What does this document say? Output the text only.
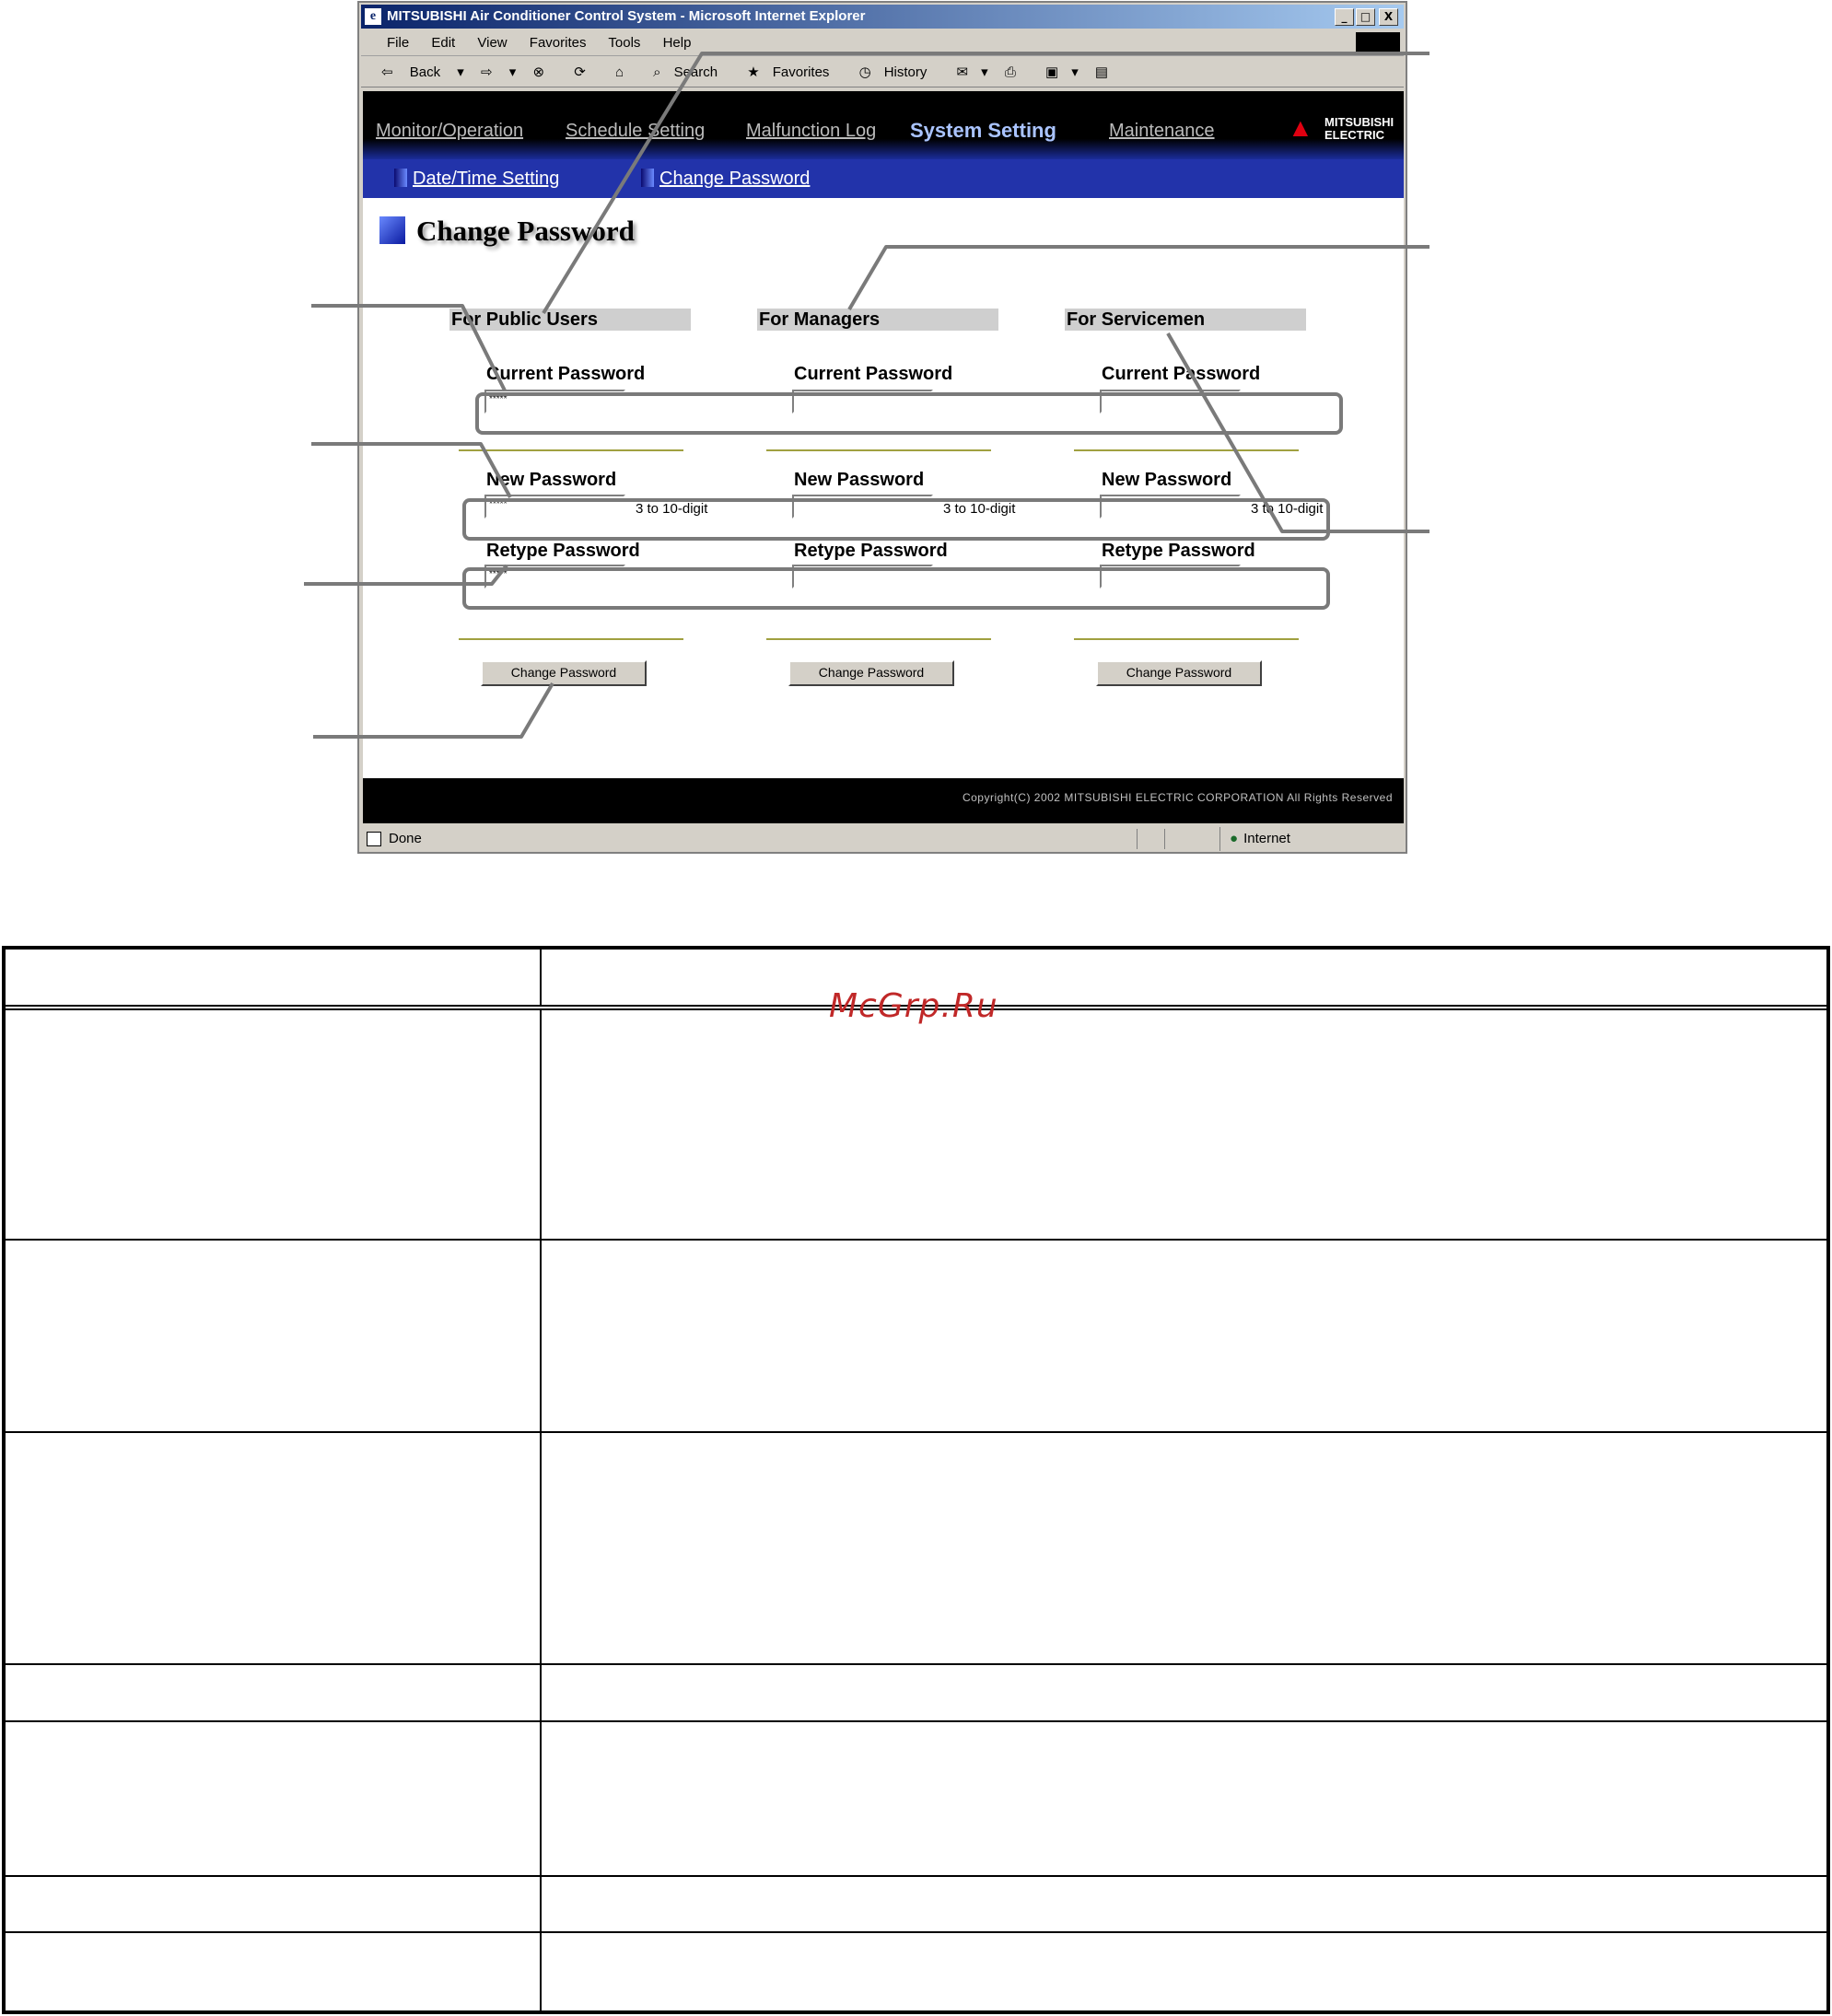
e MITSUBISHI Air Conditioner Control System - Microsoft Internet Explorer	_	□	X
File Edit View Favorites Tools Help
⇦ Back ▾ ⇨ ▾ ⊗ ⟳ ⌂ ⌕ Search ★ Favorites ◷ History ✉ ▾ ⎙ ▣ ▾ ▤
Monitor/Operation Schedule Setting Malfunction Log System Setting	Maintenance	▲ MITSUBISHI
ELECTRIC
Date/Time Setting	Change Password
Change Password
For Public Users
Current Password
*****
New Password
*****	3 to 10-digit
Retype Password
*****
Change Password
For Managers
Current Password
New Password
3 to 10-digit
Retype Password
Change Password
For Servicemen
Current Password
New Password
3 to 10-digit
Retype Password
Change Password
Copyright(C) 2002 MITSUBISHI ELECTRIC CORPORATION All Rights Reserved
Done
●	Internet
McGrp.Ru
